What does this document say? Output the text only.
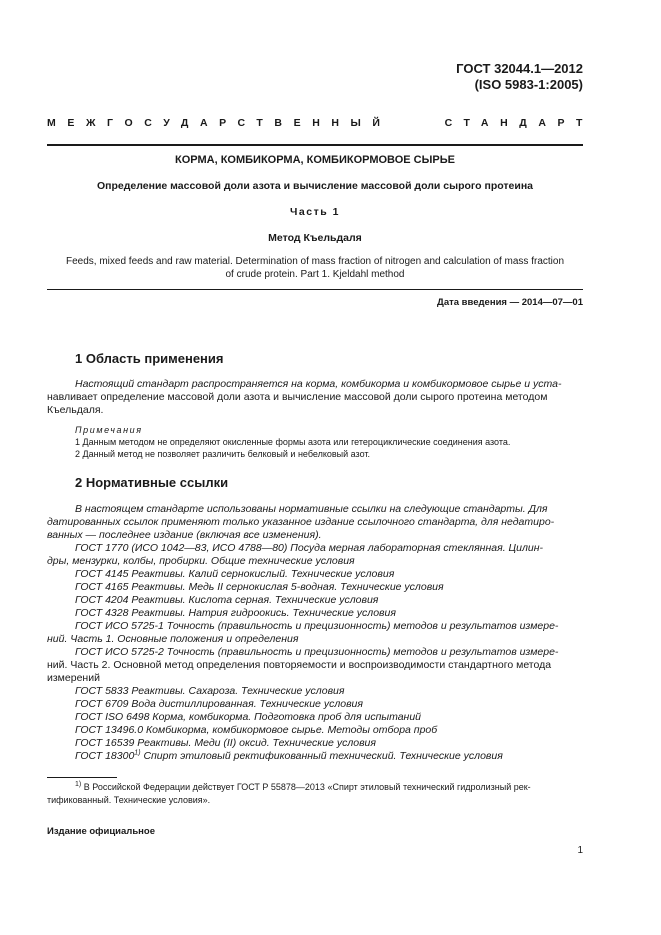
ГОСТ 32044.1—2012
(ISO 5983-1:2005)
МЕЖГОСУДАРСТВЕННЫЙ	СТАНДАРТ
КОРМА, КОМБИКОРМА, КОМБИКОРМОВОЕ СЫРЬЕ
Определение массовой доли азота и вычисление массовой доли сырого протеина
Часть 1
Метод Къельдаля
Feeds, mixed feeds and raw material. Determination of mass fraction of nitrogen and calculation of mass fraction
of crude protein. Part 1. Kjeldahl method
Дата введения — 2014—07—01
1 Область применения
Настоящий стандарт распространяется на корма, комбикорма и комбикормовое сырье и уста-
навливает определение массовой доли азота и вычисление массовой доли сырого протеина методом
Къельдаля.
Примечания
1 Данным методом не определяют окисленные формы азота или гетероциклические соединения азота.
2 Данный метод не позволяет различить белковый и небелковый азот.
2 Нормативные ссылки
В настоящем стандарте использованы нормативные ссылки на следующие стандарты. Для
датированных ссылок применяют только указанное издание ссылочного стандарта, для недатиро-
ванных — последнее издание (включая все изменения).
ГОСТ 1770 (ИСО 1042—83, ИСО 4788—80) Посуда мерная лабораторная стеклянная. Цилин-
дры, мензурки, колбы, пробирки. Общие технические условия
ГОСТ 4145 Реактивы. Калий сернокислый. Технические условия
ГОСТ 4165 Реактивы. Медь II сернокислая 5-водная. Технические условия
ГОСТ 4204 Реактивы. Кислота серная. Технические условия
ГОСТ 4328 Реактивы. Натрия гидроокись. Технические условия
ГОСТ ИСО 5725-1 Точность (правильность и прецизионность) методов и результатов измере-
ний. Часть 1. Основные положения и определения
ГОСТ ИСО 5725-2 Точность (правильность и прецизионность) методов и результатов измере-
ний. Часть 2. Основной метод определения повторяемости и воспроизводимости стандартного метода
измерений
ГОСТ 5833 Реактивы. Сахароза. Технические условия
ГОСТ 6709 Вода дистиллированная. Технические условия
ГОСТ ISO 6498 Корма, комбикорма. Подготовка проб для испытаний
ГОСТ 13496.0 Комбикорма, комбикормовое сырье. Методы отбора проб
ГОСТ 16539 Реактивы. Меди (II) оксид. Технические условия
ГОСТ 18300$^{1)}$ Спирт этиловый ректификованный технический. Технические условия
$^{1)}$ В Российской Федерации действует ГОСТ Р 55878—2013 «Спирт этиловый технический гидролизный рек-
тификованный. Технические условия».
Издание официальное
1
